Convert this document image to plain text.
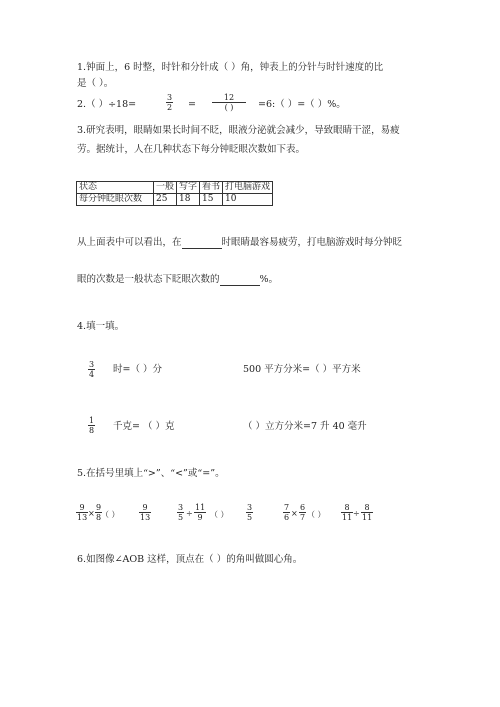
1.钟面上，6 时整，时针和分针成（ ）角，钟表上的分针与时针速度的比
是（ ）。
2.（ ）÷18=	$\frac{3}{2}$ =
12
( )	=6:（ ）=（ ）%。
3.研究表明，眼睛如果长时间不眨，眼液分泌就会减少，导致眼睛干涩，易疲
劳。据统计，人在几种状态下每分钟眨眼次数如下表。
状态	一般	写字	看书	打电脑游戏
每分钟眨眼次数	25	18	15	10
从上面表中可以看出，在	时眼睛最容易疲劳，打电脑游戏时每分钟眨
眼的次数是一般状态下眨眼次数的	%。
4.填一填。
$\frac{3}{4}$ 时=（ ）分	500 平方分米=（ ）平方米
$\frac{1}{8}$ 千克= （ ）克	（ ）立方分米=7 升 40 毫升
5.在括号里填上“>”、“<”或“=”。
$\frac{9}{13} \times \frac{9}{8}$
（ ） $\frac{9}{13}$	$\frac{3}{5} \div \frac{11}{9}$ （ ） $\frac{3}{5}$	$\frac{7}{6} \times \frac{6}{7}$ （ ） $\frac{8}{11} \div \frac{8}{11}$
6.如图像∠AOB 这样，顶点在（ ）的角叫做圆心角。
